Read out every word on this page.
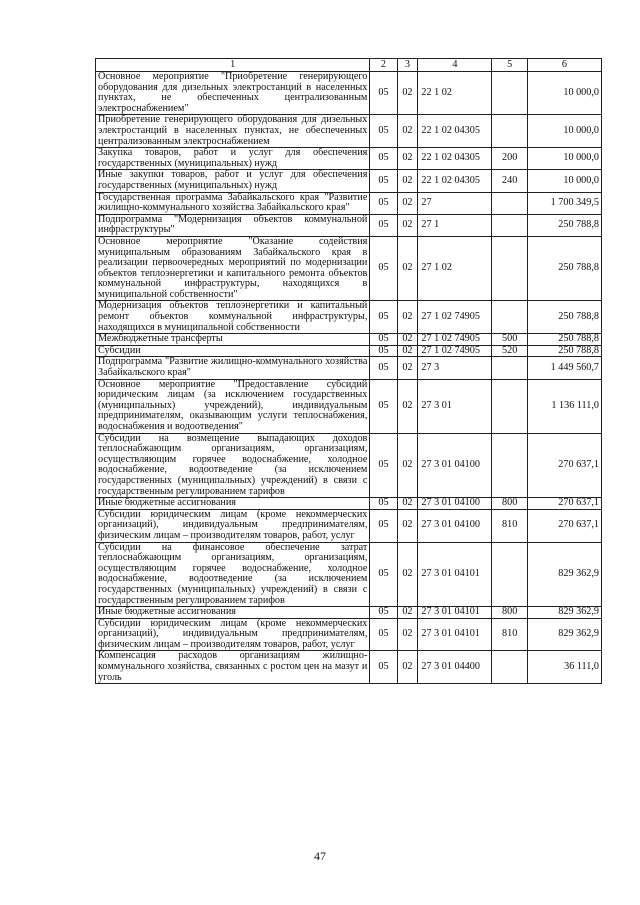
1	2	3	4	5	6
Основное мероприятие "Приобретение генерирующего оборудования для дизельных электростанций в населенных пунктах, не обеспеченных централизованным электроснабжением"	05	02	22 1 02		10 000,0
Приобретение генерирующего оборудования для дизельных электростанций в населенных пунктах, не обеспеченных централизованным электроснабжением	05	02	22 1 02 04305		10 000,0
Закупка товаров, работ и услуг для обеспечения государственных (муниципальных) нужд	05	02	22 1 02 04305	200	10 000,0
Иные закупки товаров, работ и услуг для обеспечения государственных (муниципальных) нужд	05	02	22 1 02 04305	240	10 000,0
Государственная программа Забайкальского края "Развитие жилищно-коммунального хозяйства Забайкальского края"	05	02	27		1 700 349,5
Подпрограмма "Модернизация объектов коммунальной инфраструктуры"	05	02	27 1		250 788,8
Основное мероприятие "Оказание содействия муниципальным образованиям Забайкальского края в реализации первоочередных мероприятий по модернизации объектов теплоэнергетики и капитального ремонта объектов коммунальной инфраструктуры, находящихся в муниципальной собственности"	05	02	27 1 02		250 788,8
Модернизация объектов теплоэнергетики и капитальный ремонт объектов коммунальной инфраструктуры, находящихся в муниципальной собственности	05	02	27 1 02 74905		250 788,8
Межбюджетные трансферты	05	02	27 1 02 74905	500	250 788,8
Субсидии	05	02	27 1 02 74905	520	250 788,8
Подпрограмма "Развитие жилищно-коммунального хозяйства Забайкальского края"	05	02	27 3		1 449 560,7
Основное мероприятие "Предоставление субсидий юридическим лицам (за исключением государственных (муниципальных) учреждений), индивидуальным предпринимателям, оказывающим услуги теплоснабжения, водоснабжения и водоотведения"	05	02	27 3 01		1 136 111,0
Субсидии на возмещение выпадающих доходов теплоснабжающим организациям, организациям, осуществляющим горячее водоснабжение, холодное водоснабжение, водоотведение (за исключением государственных (муниципальных) учреждений) в связи с государственным регулированием тарифов	05	02	27 3 01 04100		270 637,1
Иные бюджетные ассигнования	05	02	27 3 01 04100	800	270 637,1
Субсидии юридическим лицам (кроме некоммерческих организаций), индивидуальным предпринимателям, физическим лицам – производителям товаров, работ, услуг	05	02	27 3 01 04100	810	270 637,1
Субсидии на финансовое обеспечение затрат теплоснабжающим организациям, организациям, осуществляющим горячее водоснабжение, холодное водоснабжение, водоотведение (за исключением государственных (муниципальных) учреждений) в связи с государственным регулированием тарифов	05	02	27 3 01 04101		829 362,9
Иные бюджетные ассигнования	05	02	27 3 01 04101	800	829 362,9
Субсидии юридическим лицам (кроме некоммерческих организаций), индивидуальным предпринимателям, физическим лицам – производителям товаров, работ, услуг	05	02	27 3 01 04101	810	829 362,9
Компенсация расходов организациям жилищно-коммунального хозяйства, связанных с ростом цен на мазут и уголь	05	02	27 3 01 04400		36 111,0
47
